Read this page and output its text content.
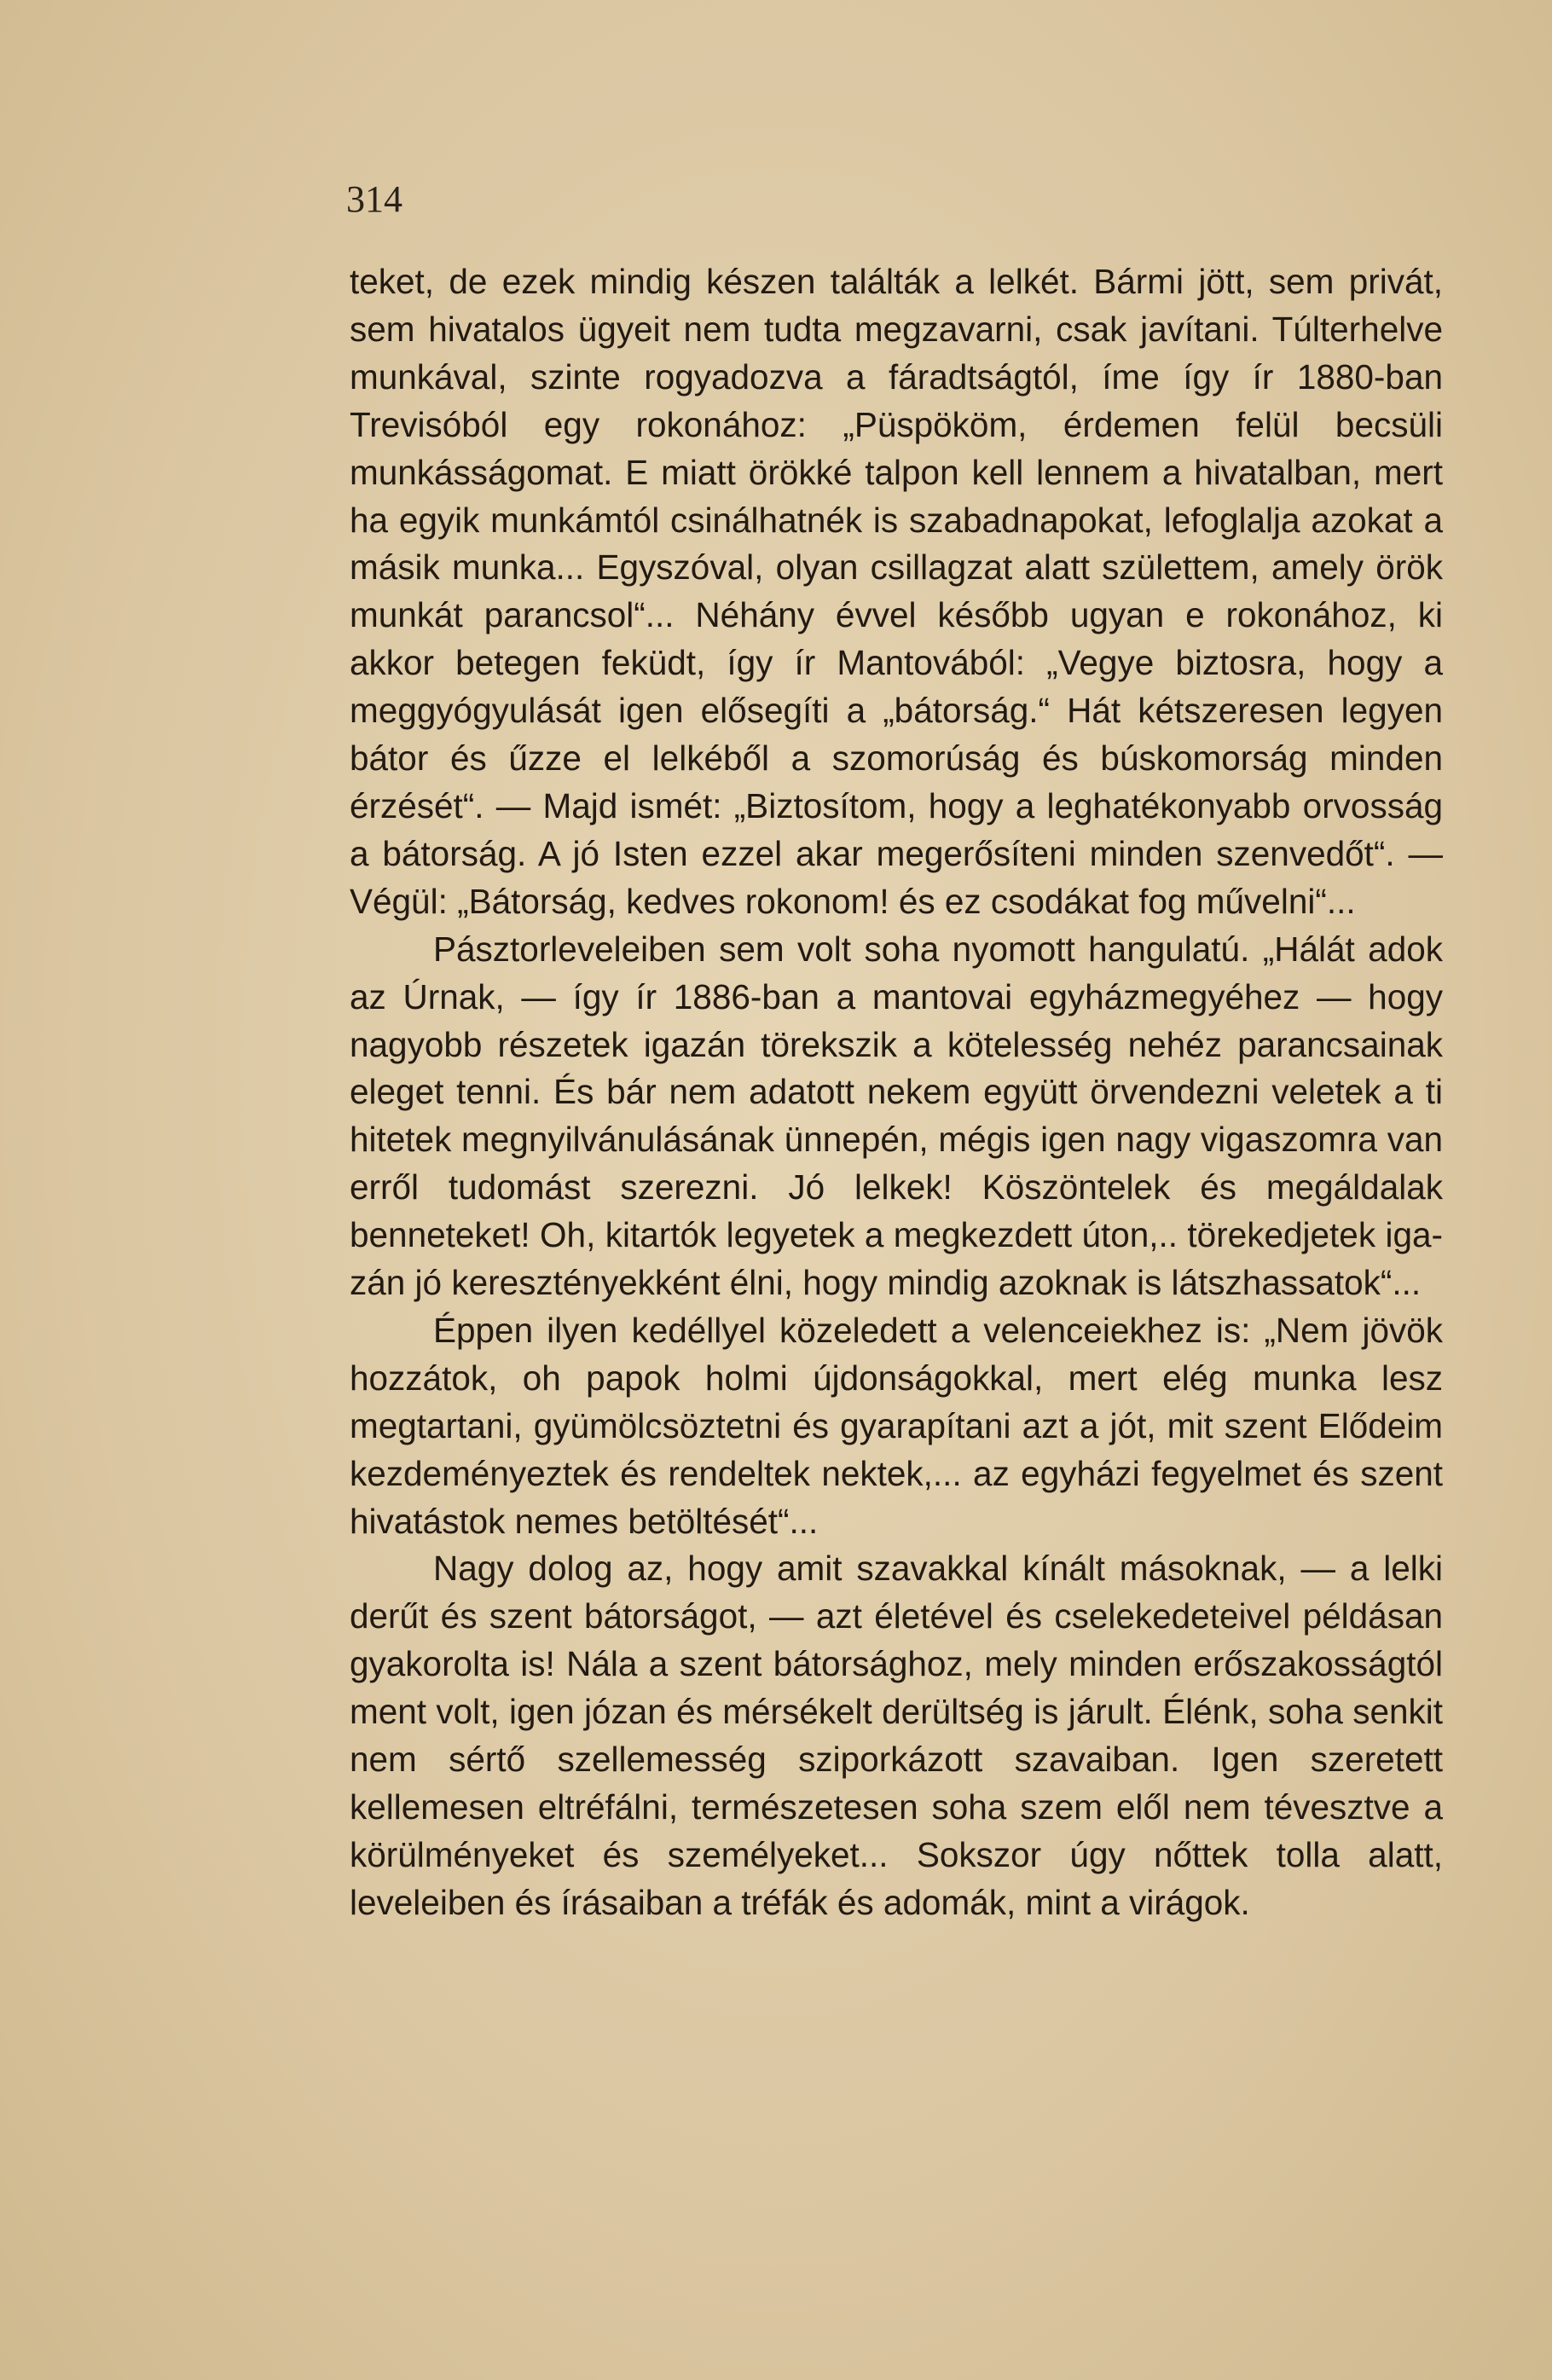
314

teket, de ezek mindig készen találták a lelkét. Bármi jött, sem privát, sem hivatalos ügyeit nem tudta megzavarni, csak javítani. Túlterhelve munkával, szinte rogyadozva a fáradtságtól, íme így ír 1880-ban Trevisóból egy rokonához: „Püspököm, érdemen felül becsüli munkásságomat. E miatt örökké talpon kell lennem a hivatalban, mert ha egyik munkámtól csinálhatnék is szabadnapokat, lefoglalja azokat a másik munka... Egyszóval, olyan csillagzat alatt születtem, amely örök munkát parancsol“... Néhány évvel később ugyan e rokonához, ki akkor betegen feküdt, így ír Mantovából: „Vegye biztosra, hogy a meggyógyulását igen elősegíti a „bátorság.“ Hát kétszeresen legyen bátor és űzze el lelkéből a szomorúság és búskomorság minden érzését“. — Majd ismét: „Biztosítom, hogy a leghatékonyabb orvosság a bátorság. A jó Isten ezzel akar megerősíteni minden szenvedőt“. — Végül: „Bátorság, kedves rokonom! és ez csodákat fog művelni“...

Pásztorleveleiben sem volt soha nyomott hangulatú. „Hálát adok az Úrnak, — így ír 1886-ban a mantovai egyházmegyéhez — hogy nagyobb részetek igazán törekszik a kötelesség nehéz parancsainak eleget tenni. És bár nem adatott nekem együtt örvendezni veletek a ti hitetek megnyilvánulásának ünnepén, mégis igen nagy vigaszomra van erről tudomást szerezni. Jó lelkek! Köszöntelek és megáldalak benneteket! Oh, kitartók legyetek a megkezdett úton,.. törekedjetek igazán jó keresztényekként élni, hogy mindig azoknak is látszhassatok“...

Éppen ilyen kedéllyel közeledett a velenceiekhez is: „Nem jövök hozzátok, oh papok holmi újdonságokkal, mert elég munka lesz megtartani, gyümölcsöztetni és gyarapítani azt a jót, mit szent Elődeim kezdeményeztek és rendeltek nektek,... az egyházi fegyelmet és szent hivatástok nemes betöltését“...

Nagy dolog az, hogy amit szavakkal kínált másoknak, — a lelki derűt és szent bátorságot, — azt életével és cselekedeteivel példásan gyakorolta is! Nála a szent bátorsághoz, mely minden erőszakosságtól ment volt, igen józan és mérsékelt derültség is járult. Élénk, soha senkit nem sértő szellemesség sziporkázott szavaiban. Igen szeretett kellemesen eltréfálni, természetesen soha szem elől nem tévesztve a körülményeket és személyeket... Sokszor úgy nőttek tolla alatt, leveleiben és írásaiban a tréfák és adomák, mint a virágok.
